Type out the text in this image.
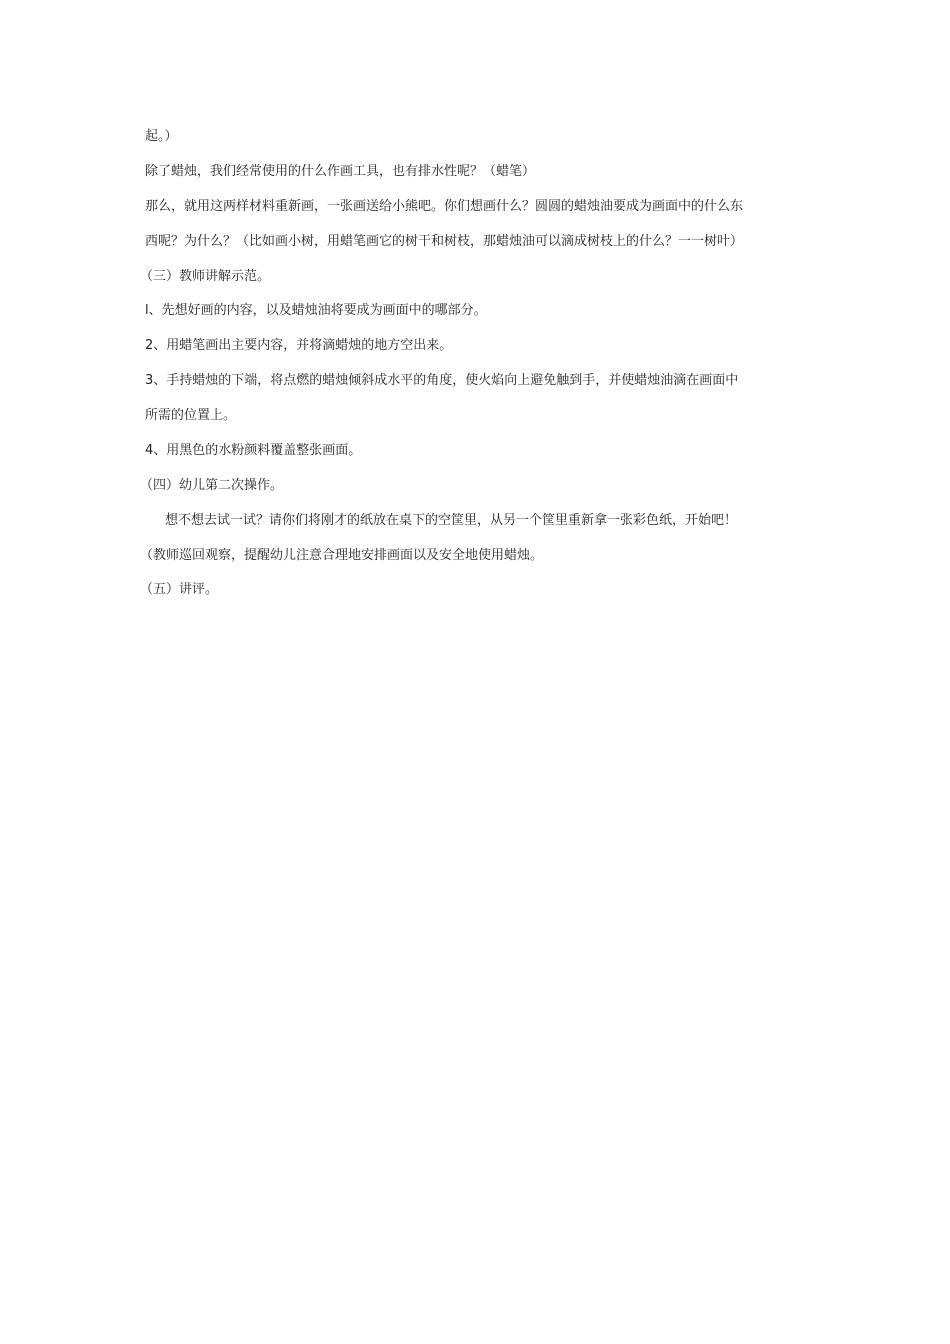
起。）
除了蜡烛，我们经常使用的什么作画工具，也有排水性呢？（蜡笔）
那么，就用这两样材料重新画，一张画送给小熊吧。你们想画什么？圆圆的蜡烛油要成为画面中的什么东
西呢？为什么？（比如画小树，用蜡笔画它的树干和树枝，那蜡烛油可以滴成树枝上的什么？一一树叶）
（三）教师讲解示范。
l、先想好画的内容，以及蜡烛油将要成为画面中的哪部分。
2、用蜡笔画出主要内容，并将滴蜡烛的地方空出来。
3、手持蜡烛的下端，将点燃的蜡烛倾斜成水平的角度，使火焰向上避免触到手，并使蜡烛油滴在画面中
所需的位置上。
4、用黑色的水粉颜料覆盖整张画面。
（四）幼儿第二次操作。
想不想去试一试？请你们将刚才的纸放在桌下的空筐里，从另一个筐里重新拿一张彩色纸，开始吧！
（教师巡回观察，提醒幼儿注意合理地安排画面以及安全地使用蜡烛。
（五）讲评。
